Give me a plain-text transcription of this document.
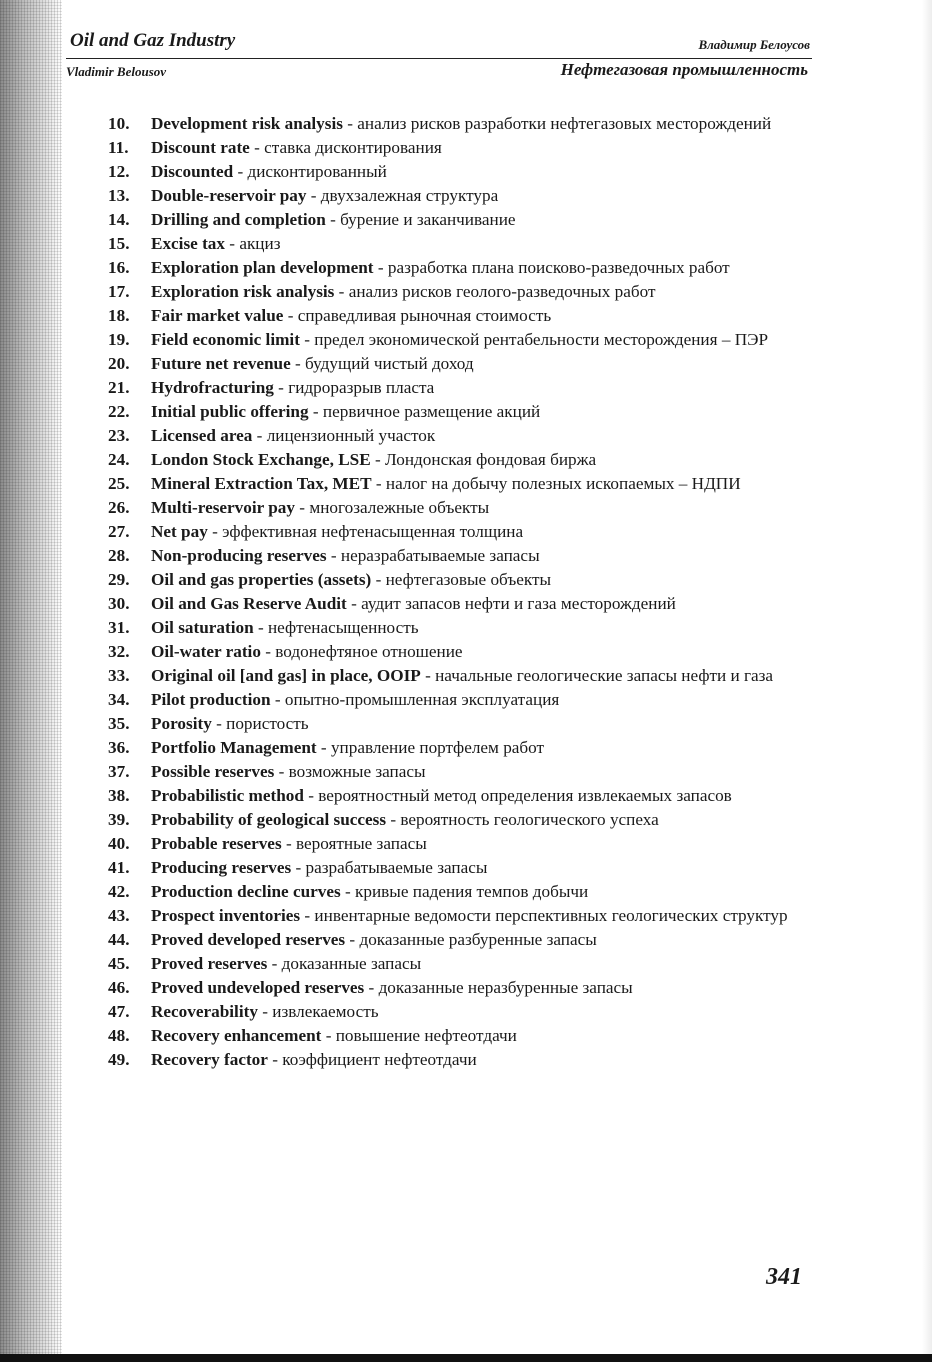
Oil and Gaz Industry	Владимир Белоусов
Vladimir Belousov	Нефтегазовая промышленность
10. Development risk analysis - анализ рисков разработки нефтегазовых месторождений
11. Discount rate - ставка дисконтирования
12. Discounted - дисконтированный
13. Double-reservoir pay - двухзалежная структура
14. Drilling and completion - бурение и заканчивание
15. Excise tax - акциз
16. Exploration plan development - разработка плана поисково-разведочных работ
17. Exploration risk analysis - анализ рисков геолого-разведочных работ
18. Fair market value - справедливая рыночная стоимость
19. Field economic limit - предел экономической рентабельности месторождения – ПЭР
20. Future net revenue - будущий чистый доход
21. Hydrofracturing - гидроразрыв пласта
22. Initial public offering - первичное размещение акций
23. Licensed area - лицензионный участок
24. London Stock Exchange, LSE - Лондонская фондовая биржа
25. Mineral Extraction Tax, MET - налог на добычу полезных ископаемых – НДПИ
26. Multi-reservoir pay - многозалежные объекты
27. Net pay - эффективная нефтенасыщенная толщина
28. Non-producing reserves - неразрабатываемые запасы
29. Oil and gas properties (assets) - нефтегазовые объекты
30. Oil and Gas Reserve Audit - аудит запасов нефти и газа месторождений
31. Oil saturation - нефтенасыщенность
32. Oil-water ratio - водонефтяное отношение
33. Original oil [and gas] in place, OOIP - начальные геологические запасы нефти и газа
34. Pilot production - опытно-промышленная эксплуатация
35. Porosity - пористость
36. Portfolio Management - управление портфелем работ
37. Possible reserves - возможные запасы
38. Probabilistic method - вероятностный метод определения извлекаемых запасов
39. Probability of geological success - вероятность геологического успеха
40. Probable reserves - вероятные запасы
41. Producing reserves - разрабатываемые запасы
42. Production decline curves - кривые падения темпов добычи
43. Prospect inventories - инвентарные ведомости перспективных геологических структур
44. Proved developed reserves - доказанные разбуренные запасы
45. Proved reserves - доказанные запасы
46. Proved undeveloped reserves - доказанные неразбуренные запасы
47. Recoverability - извлекаемость
48. Recovery enhancement - повышение нефтеотдачи
49. Recovery factor - коэффициент нефтеотдачи
341
